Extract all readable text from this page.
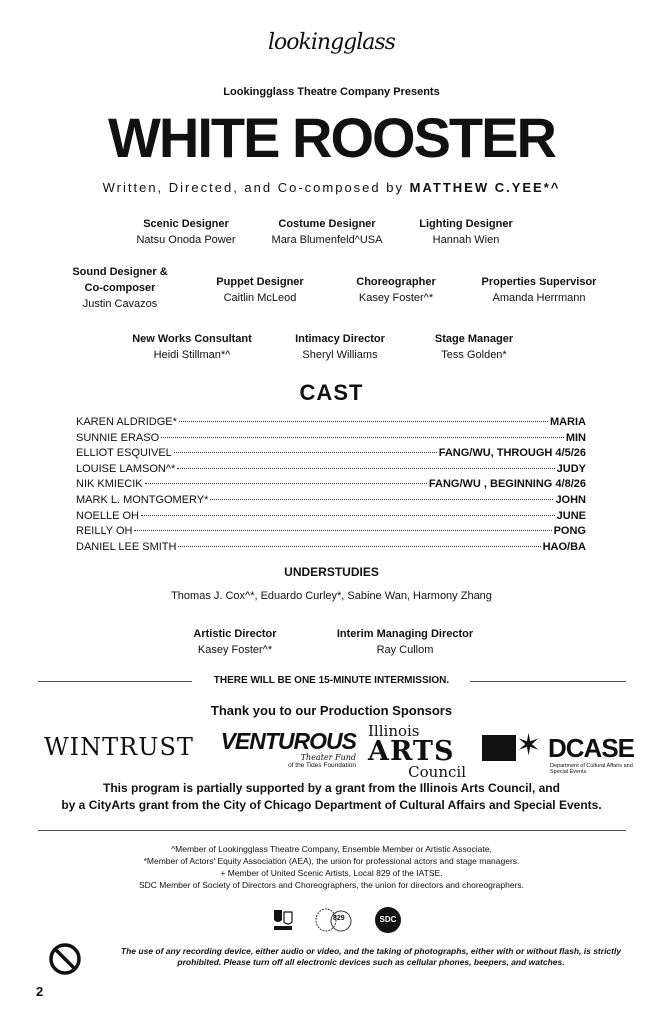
lookingglass
Lookingglass Theatre Company Presents
WHITE ROOSTER
Written, Directed, and Co-composed by MATTHEW C.YEE*^
Scenic Designer
Natsu Onoda Power
Costume Designer
Mara Blumenfeld^USA
Lighting Designer
Hannah Wien
Sound Designer & Co-composer
Justin Cavazos
Puppet Designer
Caitlin McLeod
Choreographer
Kasey Foster^*
Properties Supervisor
Amanda Herrmann
New Works Consultant
Heidi Stillman*^
Intimacy Director
Sheryl Williams
Stage Manager
Tess Golden*
CAST
KAREN ALDRIDGE*	MARIA
SUNNIE ERASO	MIN
ELLIOT ESQUIVEL	FANG/WU, THROUGH 4/5/26
LOUISE LAMSON^*	JUDY
NIK KMIECIK	FANG/WU , BEGINNING 4/8/26
MARK L. MONTGOMERY*	JOHN
NOELLE OH	JUNE
REILLY OH	PONG
DANIEL LEE SMITH	HAO/BA
UNDERSTUDIES
Thomas J. Cox^*, Eduardo Curley*, Sabine Wan, Harmony Zhang
Artistic Director
Kasey Foster^*
Interim Managing Director
Ray Cullom
THERE WILL BE ONE 15-MINUTE INTERMISSION.
Thank you to our Production Sponsors
WINTRUST	VENTUROUS
Theater Fund
of the Tides Foundation
Illinois
ARTS
Council
✶ DCASE
Department of Cultural Affairs and Special Events
This program is partially supported by a grant from the Illinois Arts Council, and
by a CityArts grant from the City of Chicago Department of Cultural Affairs and Special Events.
^Member of Lookingglass Theatre Company, Ensemble Member or Artistic Associate.
*Member of Actors' Equity Association (AEA), the union for professional actors and stage managers.
+ Member of United Scenic Artists, Local 829 of the IATSE.
SDC Member of Society of Directors and Choreographers, the union for directors and choreographers.
829	SDC
The use of any recording device, either audio or video, and the taking of photographs, either with or without flash, is strictly prohibited. Please turn off all electronic devices such as cellular phones, beepers, and watches.
2
